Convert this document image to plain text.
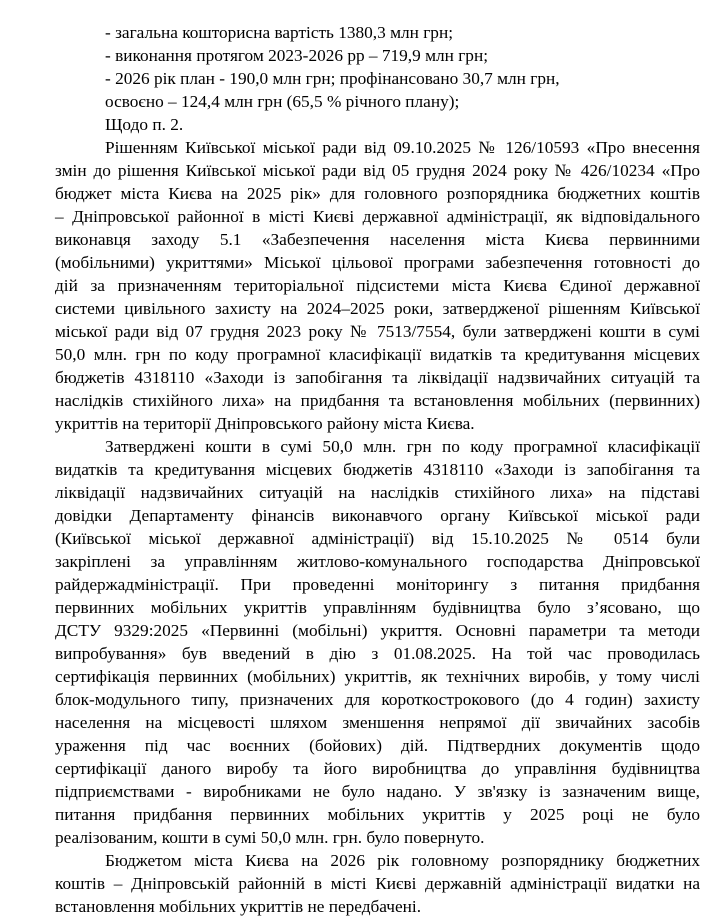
- загальна кошторисна вартість 1380,3 млн грн;
- виконання протягом 2023-2026 рр – 719,9 млн грн;
- 2026 рік план - 190,0 млн грн; профінансовано 30,7 млн грн,
освоєно – 124,4 млн грн (65,5 % річного плану);
Щодо п. 2.
Рішенням Київської міської ради від 09.10.2025 № 126/10593 «Про внесення
змін до рішення Київської міської ради від 05 грудня 2024 року № 426/10234 «Про
бюджет міста Києва на 2025 рік» для головного розпорядника бюджетних коштів
– Дніпровської районної в місті Києві державної адміністрації, як відповідального
виконавця заходу 5.1 «Забезпечення населення міста Києва первинними
(мобільними) укриттями» Міської цільової програми забезпечення готовності до
дій за призначенням територіальної підсистеми міста Києва Єдиної державної
системи цивільного захисту на 2024–2025 роки, затвердженої рішенням Київської
міської ради від 07 грудня 2023 року № 7513/7554, були затверджені кошти в сумі
50,0 млн. грн по коду програмної класифікації видатків та кредитування місцевих
бюджетів 4318110 «Заходи із запобігання та ліквідації надзвичайних ситуацій та
наслідків стихійного лиха» на придбання та встановлення мобільних (первинних)
укриттів на території Дніпровського району міста Києва.
Затверджені кошти в сумі 50,0 млн. грн по коду програмної класифікації
видатків та кредитування місцевих бюджетів 4318110 «Заходи із запобігання та
ліквідації надзвичайних ситуацій на наслідків стихійного лиха» на підставі
довідки Департаменту фінансів виконавчого органу Київської міської ради
(Київської міської державної адміністрації) від 15.10.2025 № 0514 були
закріплені за управлінням житлово-комунального господарства Дніпровської
райдержадміністрації. При проведенні моніторингу з питання придбання
первинних мобільних укриттів управлінням будівництва було з’ясовано, що
ДСТУ 9329:2025 «Первинні (мобільні) укриття. Основні параметри та методи
випробування» був введений в дію з 01.08.2025. На той час проводилась
сертифікація первинних (мобільних) укриттів, як технічних виробів, у тому числі
блок-модульного типу, призначених для короткострокового (до 4 годин) захисту
населення на місцевості шляхом зменшення непрямої дії звичайних засобів
ураження під час воєнних (бойових) дій. Підтвердних документів щодо
сертифікації даного виробу та його виробництва до управління будівництва
підприємствами - виробниками не було надано. У зв'язку із зазначеним вище,
питання придбання первинних мобільних укриттів у 2025 році не було
реалізованим, кошти в сумі 50,0 млн. грн. було повернуто.
Бюджетом міста Києва на 2026 рік головному розпоряднику бюджетних
коштів – Дніпровській районній в місті Києві державній адміністрації видатки на
встановлення мобільних укриттів не передбачені.
